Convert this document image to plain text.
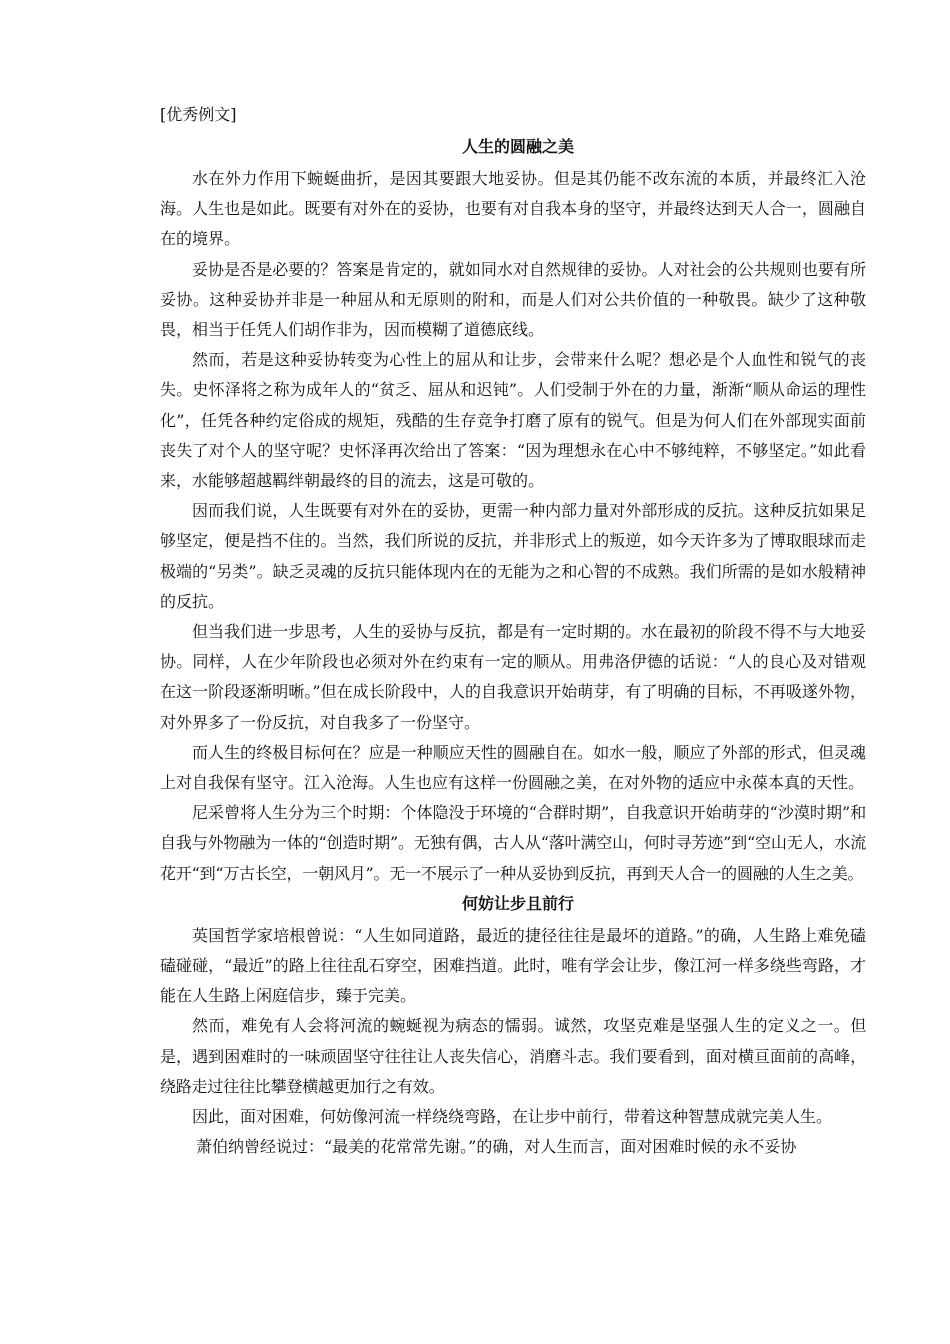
[优秀例文]
人生的圆融之美

水在外力作用下蜿蜒曲折，是因其要跟大地妥协。但是其仍能不改东流的本质，并最终汇入沧海。人生也是如此。既要有对外在的妥协，也要有对自我本身的坚守，并最终达到天人合一，圆融自在的境界。

妥协是否是必要的？答案是肯定的，就如同水对自然规律的妥协。人对社会的公共规则也要有所妥协。这种妥协并非是一种屈从和无原则的附和，而是人们对公共价值的一种敬畏。缺少了这种敬畏，相当于任凭人们胡作非为，因而模糊了道德底线。

然而，若是这种妥协转变为心性上的屈从和让步，会带来什么呢？想必是个人血性和锐气的丧失。史怀泽将之称为成年人的“贫乏、屈从和迟钝”。人们受制于外在的力量，渐渐“顺从命运的理性化”，任凭各种约定俗成的规矩，残酷的生存竞争打磨了原有的锐气。但是为何人们在外部现实面前丧失了对个人的坚守呢？史怀泽再次给出了答案：“因为理想永在心中不够纯粹，不够坚定。”如此看来，水能够超越羁绊朝最终的目的流去，这是可敬的。

因而我们说，人生既要有对外在的妥协，更需一种内部力量对外部形成的反抗。这种反抗如果足够坚定，便是挡不住的。当然，我们所说的反抗，并非形式上的叛逆，如今天许多为了博取眼球而走极端的“另类”。缺乏灵魂的反抗只能体现内在的无能为之和心智的不成熟。我们所需的是如水般精神的反抗。

但当我们进一步思考，人生的妥协与反抗，都是有一定时期的。水在最初的阶段不得不与大地妥协。同样，人在少年阶段也必须对外在约束有一定的顺从。用弗洛伊德的话说：“人的良心及对错观在这一阶段逐渐明晰。”但在成长阶段中，人的自我意识开始萌芽，有了明确的目标，不再吸遂外物，对外界多了一份反抗，对自我多了一份坚守。

而人生的终极目标何在？应是一种顺应天性的圆融自在。如水一般，顺应了外部的形式，但灵魂上对自我保有坚守。江入沧海。人生也应有这样一份圆融之美，在对外物的适应中永葆本真的天性。

尼采曾将人生分为三个时期：个体隐没于环境的“合群时期”，自我意识开始萌芽的“沙漠时期”和自我与外物融为一体的“创造时期”。无独有偶，古人从“落叶满空山，何时寻芳迹”到“空山无人，水流花开“到“万古长空，一朝风月”。无一不展示了一种从妥协到反抗，再到天人合一的圆融的人生之美。

何妨让步且前行

英国哲学家培根曾说：“人生如同道路，最近的捷径往往是最坏的道路。”的确，人生路上难免磕磕碰碰，“最近”的路上往往乱石穿空，困难挡道。此时，唯有学会让步，像江河一样多绕些弯路，才能在人生路上闲庭信步，臻于完美。

然而，难免有人会将河流的蜿蜒视为病态的懦弱。诚然，攻坚克难是坚强人生的定义之一。但是，遇到困难时的一味顽固坚守往往让人丧失信心，消磨斗志。我们要看到，面对横亘面前的高峰，绕路走过往往比攀登横越更加行之有效。

因此，面对困难，何妨像河流一样绕绕弯路，在让步中前行，带着这种智慧成就完美人生。

萧伯纳曾经说过：“最美的花常常先谢。”的确，对人生而言，面对困难时候的永不妥协
